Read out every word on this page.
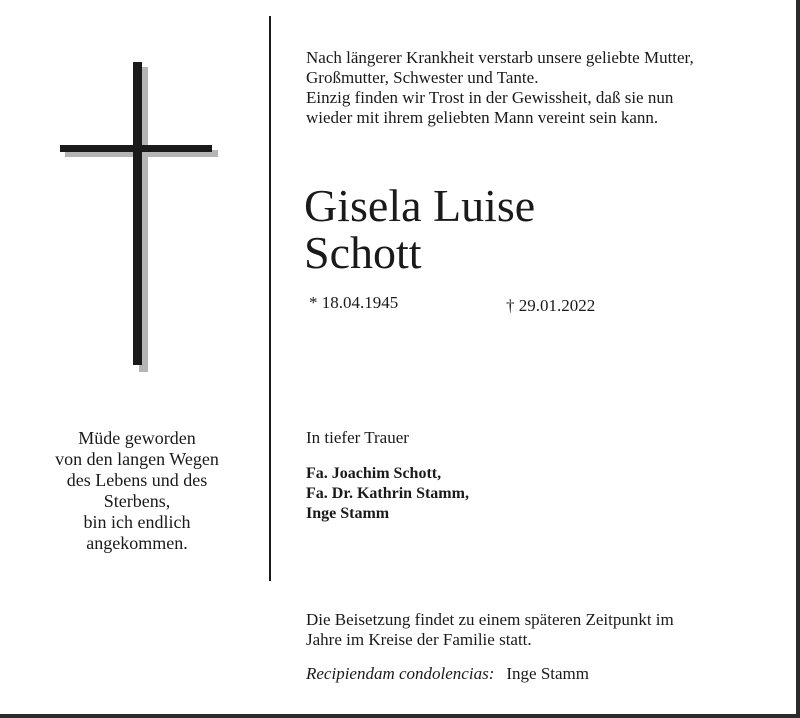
Müde geworden
von den langen Wegen
des Lebens und des
Sterbens,
bin ich endlich
angekommen.
Nach längerer Krankheit verstarb unsere geliebte Mutter,
Großmutter, Schwester und Tante.
Einzig finden wir Trost in der Gewissheit, daß sie nun
wieder mit ihrem geliebten Mann vereint sein kann.
Gisela Luise
Schott
* 18.04.1945	† 29.01.2022
In tiefer Trauer
Fa. Joachim Schott,
Fa. Dr. Kathrin Stamm,
Inge Stamm
Die Beisetzung findet zu einem späteren Zeitpunkt im
Jahre im Kreise der Familie statt.
Recipiendam condolencias: Inge Stamm
